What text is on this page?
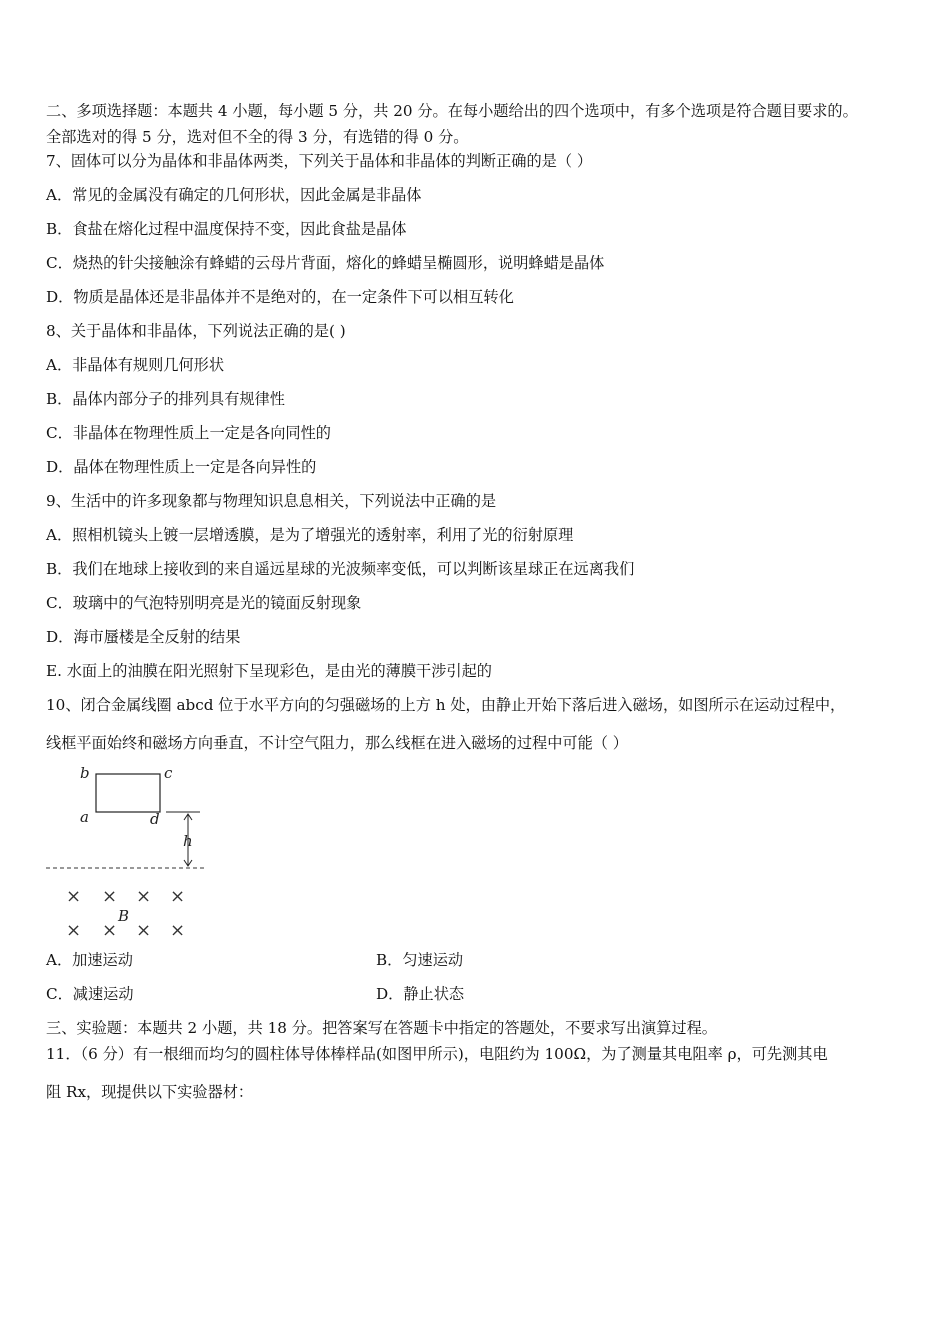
二、多项选择题：本题共 4 小题，每小题 5 分，共 20 分。在每小题给出的四个选项中，有多个选项是符合题目要求的。
全部选对的得 5 分，选对但不全的得 3 分，有选错的得 0 分。
7、固体可以分为晶体和非晶体两类，下列关于晶体和非晶体的判断正确的是（ ）
A．常见的金属没有确定的几何形状，因此金属是非晶体
B．食盐在熔化过程中温度保持不变，因此食盐是晶体
C．烧热的针尖接触涂有蜂蜡的云母片背面，熔化的蜂蜡呈椭圆形，说明蜂蜡是晶体
D．物质是晶体还是非晶体并不是绝对的，在一定条件下可以相互转化
8、关于晶体和非晶体，下列说法正确的是( )
A．非晶体有规则几何形状
B．晶体内部分子的排列具有规律性
C．非晶体在物理性质上一定是各向同性的
D．晶体在物理性质上一定是各向异性的
9、生活中的许多现象都与物理知识息息相关，下列说法中正确的是
A．照相机镜头上镀一层增透膜，是为了增强光的透射率，利用了光的衍射原理
B．我们在地球上接收到的来自遥远星球的光波频率变低，可以判断该星球正在远离我们
C．玻璃中的气泡特别明亮是光的镜面反射现象
D．海市蜃楼是全反射的结果
E. 水面上的油膜在阳光照射下呈现彩色，是由光的薄膜干涉引起的
10、闭合金属线圈 abcd 位于水平方向的匀强磁场的上方 h 处，由静止开始下落后进入磁场，如图所示在运动过程中，
线框平面始终和磁场方向垂直，不计空气阻力，那么线框在进入磁场的过程中可能（ ）
b	c
a	d
h
× × × ×
B
× × × ×
A．加速运动	B．匀速运动
C．减速运动	D．静止状态
三、实验题：本题共 2 小题，共 18 分。把答案写在答题卡中指定的答题处，不要求写出演算过程。
11．（6 分）有一根细而均匀的圆柱体导体棒样品(如图甲所示)，电阻约为 100Ω，为了测量其电阻率 ρ，可先测其电
阻 Rx，现提供以下实验器材：
